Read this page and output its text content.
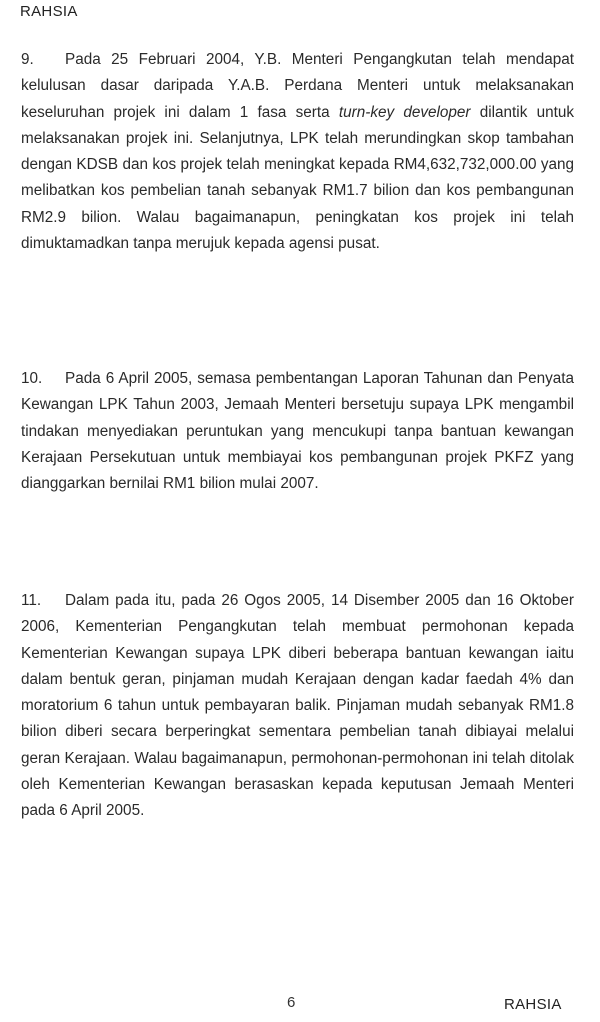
RAHSIA

9. Pada 25 Februari 2004, Y.B. Menteri Pengangkutan telah mendapat kelulusan dasar daripada Y.A.B. Perdana Menteri untuk melaksanakan keseluruhan projek ini dalam 1 fasa serta turn-key developer dilantik untuk melaksanakan projek ini. Selanjutnya, LPK telah merundingkan skop tambahan dengan KDSB dan kos projek telah meningkat kepada RM4,632,732,000.00 yang melibatkan kos pembelian tanah sebanyak RM1.7 bilion dan kos pembangunan RM2.9 bilion. Walau bagaimanapun, peningkatan kos projek ini telah dimuktamadkan tanpa merujuk kepada agensi pusat.

10. Pada 6 April 2005, semasa pembentangan Laporan Tahunan dan Penyata Kewangan LPK Tahun 2003, Jemaah Menteri bersetuju supaya LPK mengambil tindakan menyediakan peruntukan yang mencukupi tanpa bantuan kewangan Kerajaan Persekutuan untuk membiayai kos pembangunan projek PKFZ yang dianggarkan bernilai RM1 bilion mulai 2007.

11. Dalam pada itu, pada 26 Ogos 2005, 14 Disember 2005 dan 16 Oktober 2006, Kementerian Pengangkutan telah membuat permohonan kepada Kementerian Kewangan supaya LPK diberi beberapa bantuan kewangan iaitu dalam bentuk geran, pinjaman mudah Kerajaan dengan kadar faedah 4% dan moratorium 6 tahun untuk pembayaran balik. Pinjaman mudah sebanyak RM1.8 bilion diberi secara berperingkat sementara pembelian tanah dibiayai melalui geran Kerajaan. Walau bagaimanapun, permohonan-permohonan ini telah ditolak oleh Kementerian Kewangan berasaskan kepada keputusan Jemaah Menteri pada 6 April 2005.

6	RAHSIA
